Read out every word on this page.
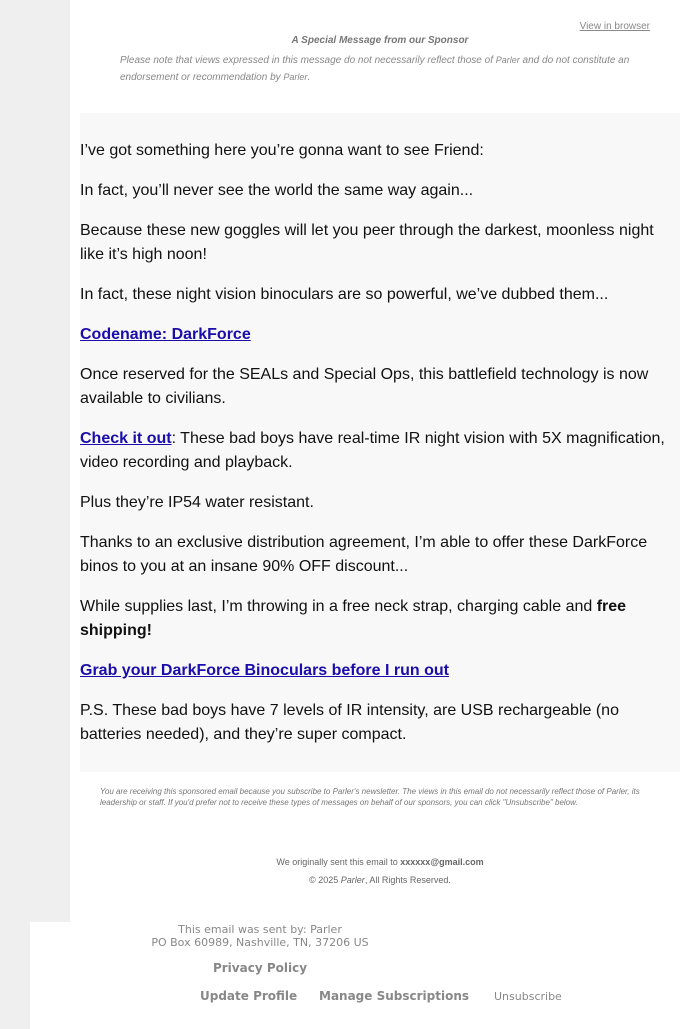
View in browser
A Special Message from our Sponsor
Please note that views expressed in this message do not necessarily reflect those of Parler and do not constitute an endorsement or recommendation by Parler.

I’ve got something here you’re gonna want to see Friend:

In fact, you’ll never see the world the same way again...

Because these new goggles will let you peer through the darkest, moonless night like it’s high noon!

In fact, these night vision binoculars are so powerful, we’ve dubbed them...

Codename: DarkForce

Once reserved for the SEALs and Special Ops, this battlefield technology is now available to civilians.

Check it out: These bad boys have real-time IR night vision with 5X magnification, video recording and playback.

Plus they’re IP54 water resistant.

Thanks to an exclusive distribution agreement, I’m able to offer these DarkForce binos to you at an insane 90% OFF discount...

While supplies last, I’m throwing in a free neck strap, charging cable and free shipping!

Grab your DarkForce Binoculars before I run out

P.S. These bad boys have 7 levels of IR intensity, are USB rechargeable (no batteries needed), and they’re super compact.

You are receiving this sponsored email because you subscribe to Parler's newsletter. The views in this email do not necessarily reflect those of Parler, its leadership or staff. If you'd prefer not to receive these types of messages on behalf of our sponsors, you can click "Unsubscribe" below.
We originally sent this email to xxxxxx@gmail.com
© 2025 Parler, All Rights Reserved.
This email was sent by: Parler
PO Box 60989, Nashville, TN, 37206 US
Privacy Policy
Update Profile Manage Subscriptions Unsubscribe
